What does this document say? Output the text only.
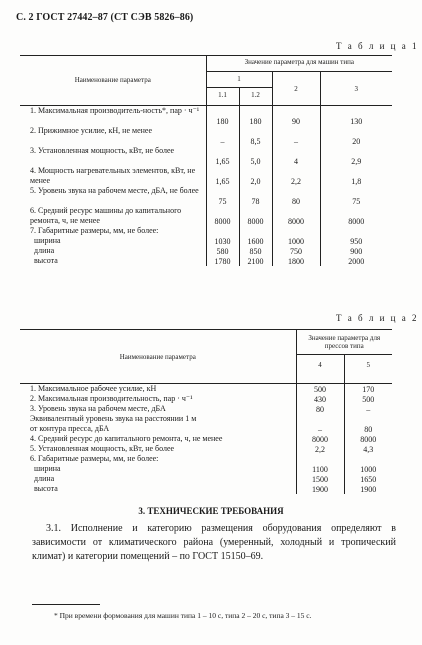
С. 2 ГОСТ 27442–87 (СТ СЭВ 5826–86)
Т а б л и ц а 1
Наименование параметра	Значение параметра для машин типа			
	1		2	3
	1.1	1.2		
1. Максимальная производитель-ность*, пар · ч⁻¹	180	180	90	130
2. Прижимное усилие, кН, не менее	–	8,5	–	20
3. Установленная мощность, кВт, не более	1,65	5,0	4	2,9
4. Мощность нагревательных элементов, кВт, не менее	1,65	2,0	2,2	1,8
5. Уровень звука на рабочем месте, дБА, не более	75	78	80	75
6. Средний ресурс машины до капитального ремонта, ч, не менее	8000	8000	8000	8000
7. Габаритные размеры, мм, не более:				
ширина	1030	1600	1000	950
длина	580	850	750	900
высота	1780	2100	1800	2000
Т а б л и ц а 2
Наименование параметра	Значение параметра для прессов типа	
	4	5
1. Максимальное рабочее усилие, кН	500	170
2. Максимальная производительность, пар · ч⁻¹	430	500
3. Уровень звука на рабочем месте, дБА	80	–
Эквивалентный уровень звука на расстоянии 1 м		
от контура пресса, дБА	–	80
4. Средний ресурс до капитального ремонта, ч, не менее	8000	8000
5. Установленная мощность, кВт, не более	2,2	4,3
6. Габаритные размеры, мм, не более:		
ширина	1100	1000
длина	1500	1650
высота	1900	1900
3. ТЕХНИЧЕСКИЕ ТРЕБОВАНИЯ
3.1. Исполнение и категорию размещения оборудования определяют в зависимости от климатического района (умеренный, холодный и тропический климат) и категории помещений – по ГОСТ 15150–69.
* При времени формования для машин типа 1 – 10 с, типа 2 – 20 с, типа 3 – 15 с.
